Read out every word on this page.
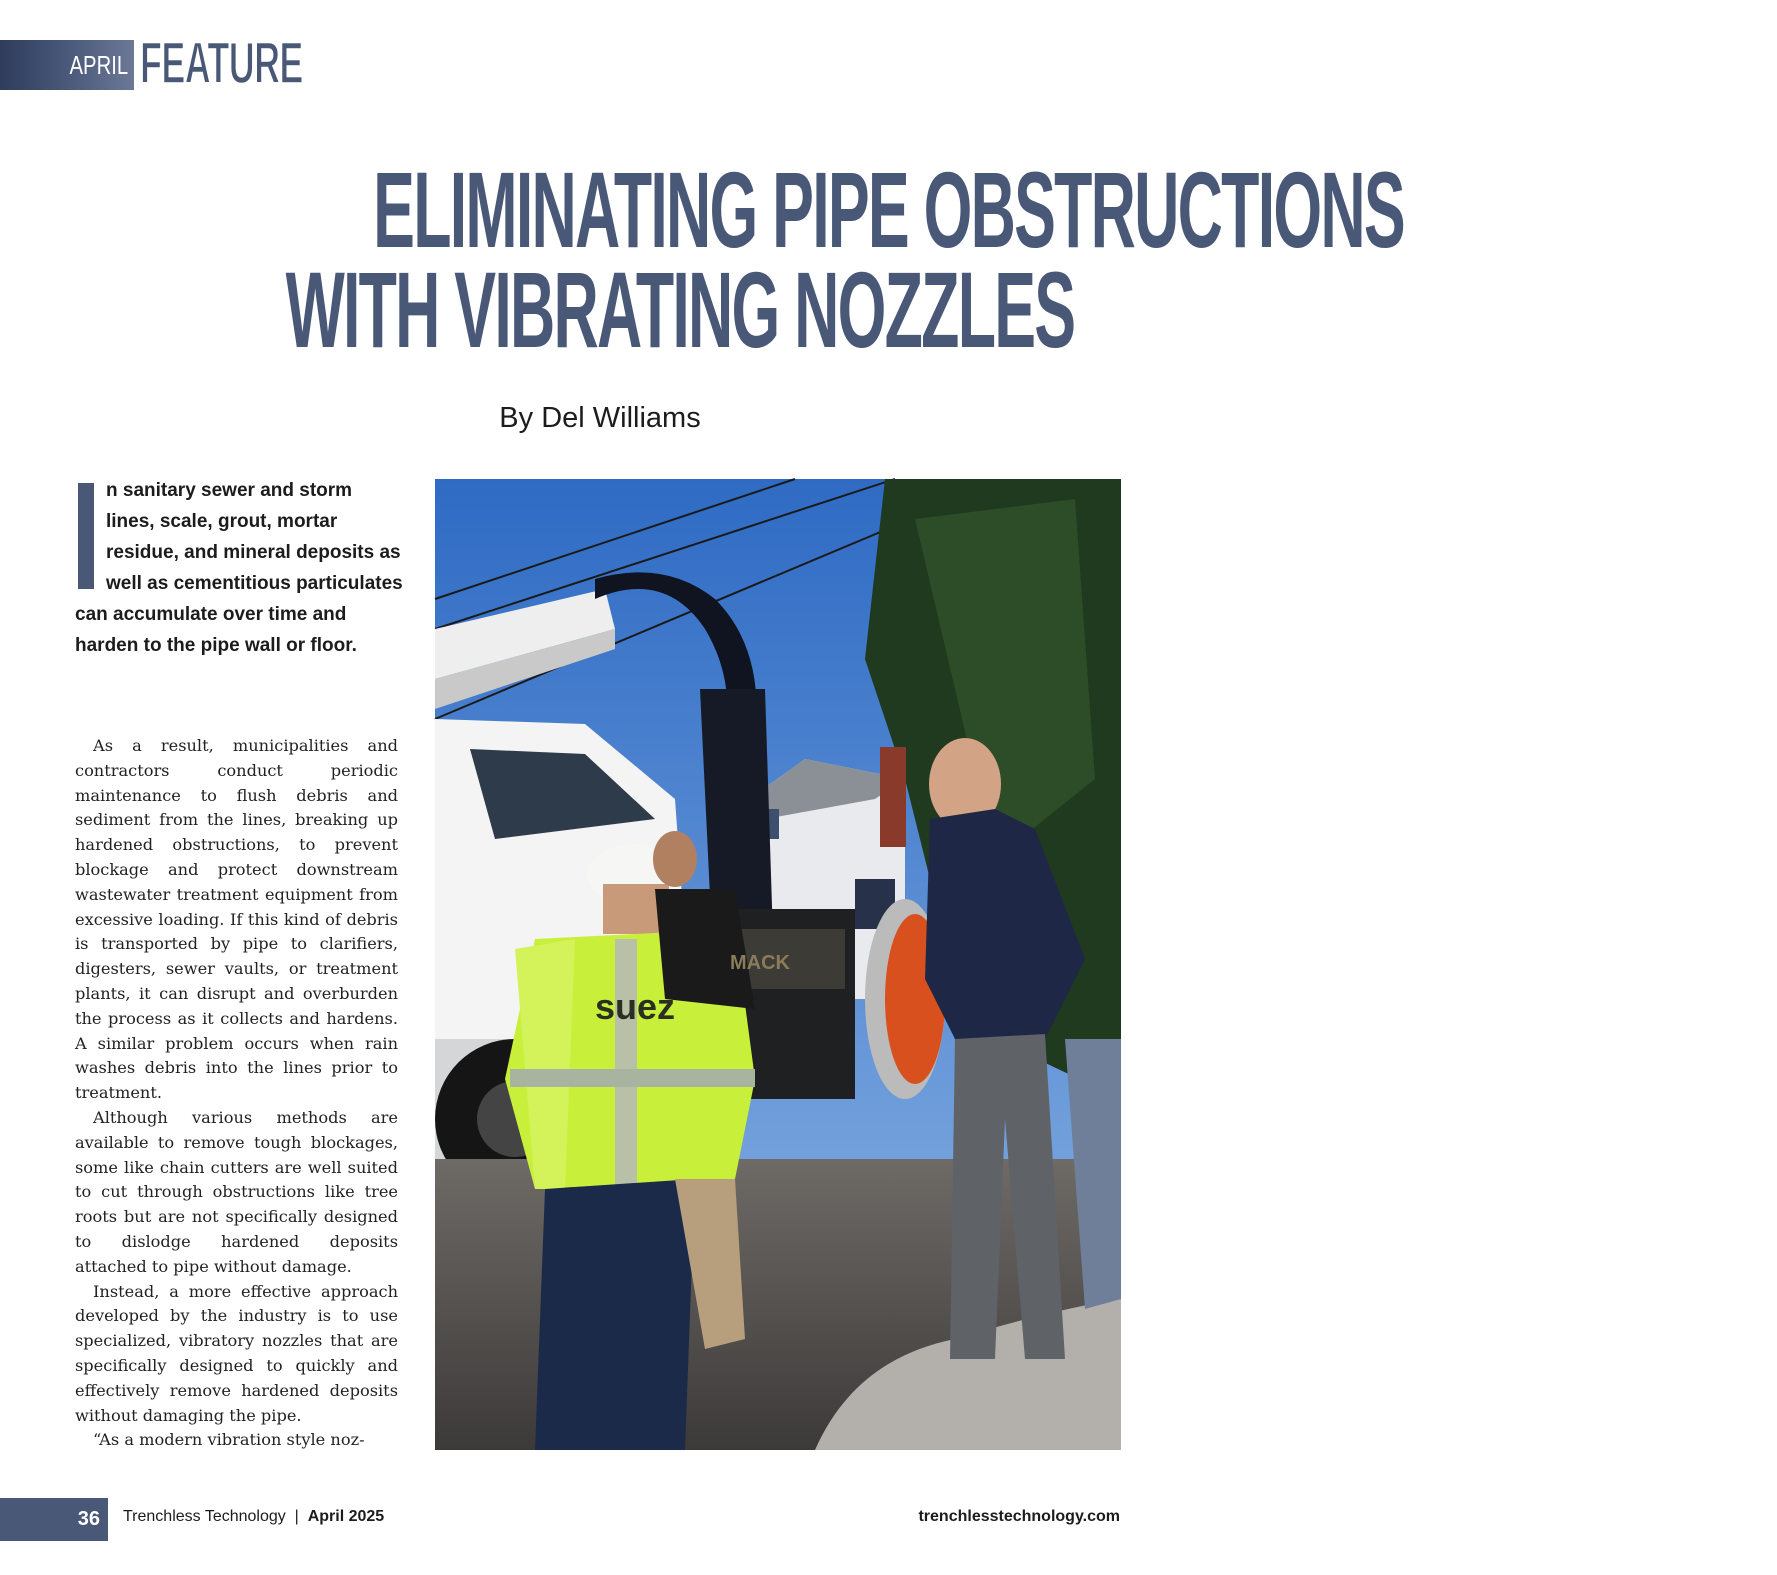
APRIL FEATURE
ELIMINATING PIPE OBSTRUCTIONS
WITH VIBRATING NOZZLES
By Del Williams
n sanitary sewer and storm lines, scale, grout, mortar residue, and mineral deposits as well as cementitious particulates can accumulate over time and harden to the pipe wall or floor.

As a result, municipalities and contractors conduct periodic maintenance to flush debris and sediment from the lines, breaking up hardened obstructions, to prevent blockage and protect downstream wastewater treatment equipment from excessive loading. If this kind of debris is transported by pipe to clarifiers, digesters, sewer vaults, or treatment plants, it can disrupt and overburden the process as it collects and hardens. A similar problem occurs when rain washes debris into the lines prior to treatment.

Although various methods are available to remove tough blockages, some like chain cutters are well suited to cut through obstructions like tree roots but are not specifically designed to dislodge hardened deposits attached to pipe without damage.

Instead, a more effective approach developed by the industry is to use specialized, vibratory nozzles that are specifically designed to quickly and effectively remove hardened deposits without damaging the pipe.

“As a modern vibration style noz-

suez
MACK
36 Trenchless Technology | April 2025	trenchlesstechnology.com
